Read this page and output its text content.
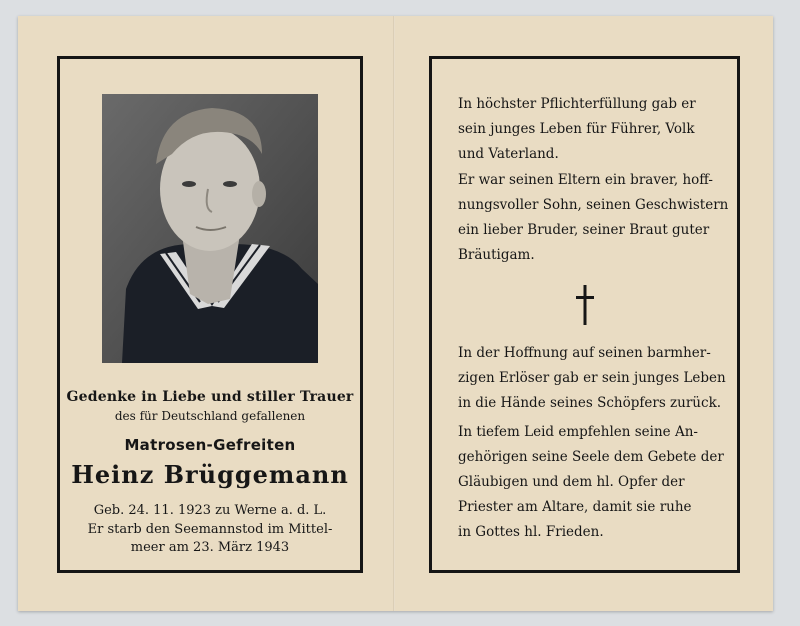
Gedenke in Liebe und stiller Trauer

des für Deutschland gefallenen

Matrosen-Gefreiten

Heinz Brüggemann

Geb. 24. 11. 1923 zu Werne a. d. L.

Er starb den Seemannstod im Mittel-

meer am 23. März 1943

In höchster Pflichterfüllung gab er

sein junges Leben für Führer, Volk

und Vaterland.

Er war seinen Eltern ein braver, hoff-

nungsvoller Sohn, seinen Geschwistern

ein lieber Bruder, seiner Braut guter

Bräutigam.

In der Hoffnung auf seinen barmher-

zigen Erlöser gab er sein junges Leben

in die Hände seines Schöpfers zurück.

In tiefem Leid empfehlen seine An-

gehörigen seine Seele dem Gebete der

Gläubigen und dem hl. Opfer der

Priester am Altare, damit sie ruhe

in Gottes hl. Frieden.
